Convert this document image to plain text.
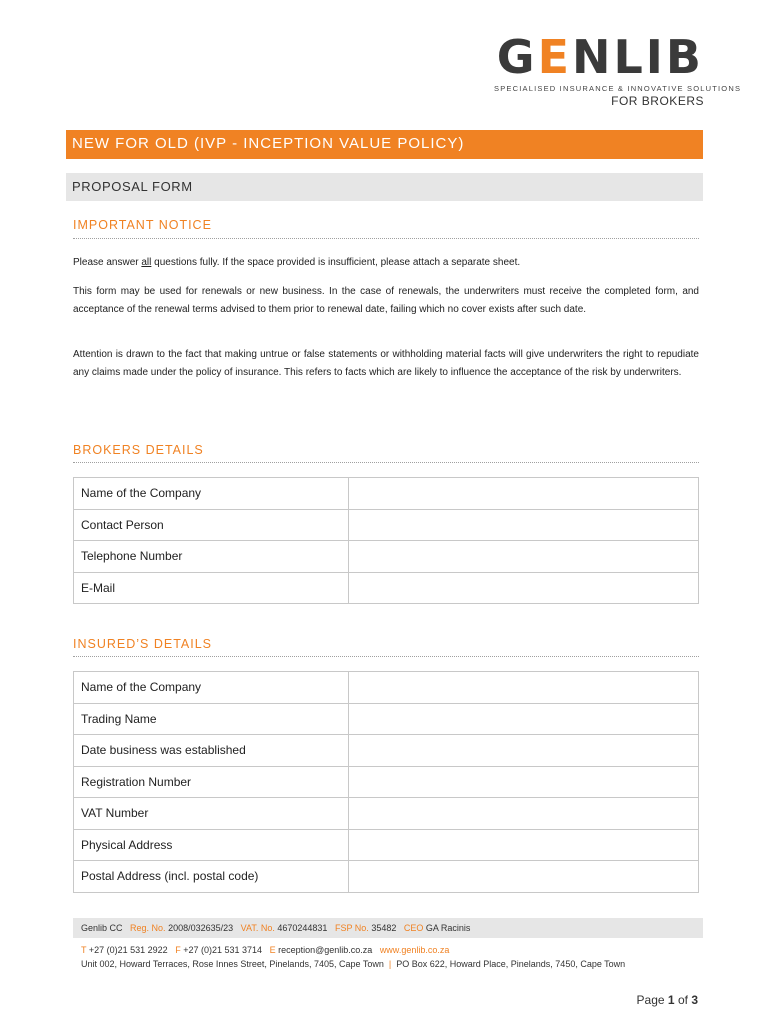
GENLIB
SPECIALISED INSURANCE & INNOVATIVE SOLUTIONS
FOR BROKERS
NEW FOR OLD (IVP - INCEPTION VALUE POLICY)
PROPOSAL FORM
IMPORTANT NOTICE
Please answer all questions fully. If the space provided is insufficient, please attach a separate sheet.
This form may be used for renewals or new business. In the case of renewals, the underwriters must receive the completed form, and acceptance of the renewal terms advised to them prior to renewal date, failing which no cover exists after such date.
Attention is drawn to the fact that making untrue or false statements or withholding material facts will give underwriters the right to repudiate any claims made under the policy of insurance. This refers to facts which are likely to influence the acceptance of the risk by underwriters.
BROKERS DETAILS
Name of the Company	
Contact Person	
Telephone Number	
E-Mail	
INSURED’S DETAILS
Name of the Company	
Trading Name	
Date business was established	
Registration Number	
VAT Number	
Physical Address	
Postal Address (incl. postal code)	
Genlib CC Reg. No. 2008/032635/23 VAT. No. 4670244831 FSP No. 35482 CEO GA Racinis
T +27 (0)21 531 2922 F +27 (0)21 531 3714 E reception@genlib.co.za www.genlib.co.za
Unit 002, Howard Terraces, Rose Innes Street, Pinelands, 7405, Cape Town | PO Box 622, Howard Place, Pinelands, 7450, Cape Town
Page 1 of 3
